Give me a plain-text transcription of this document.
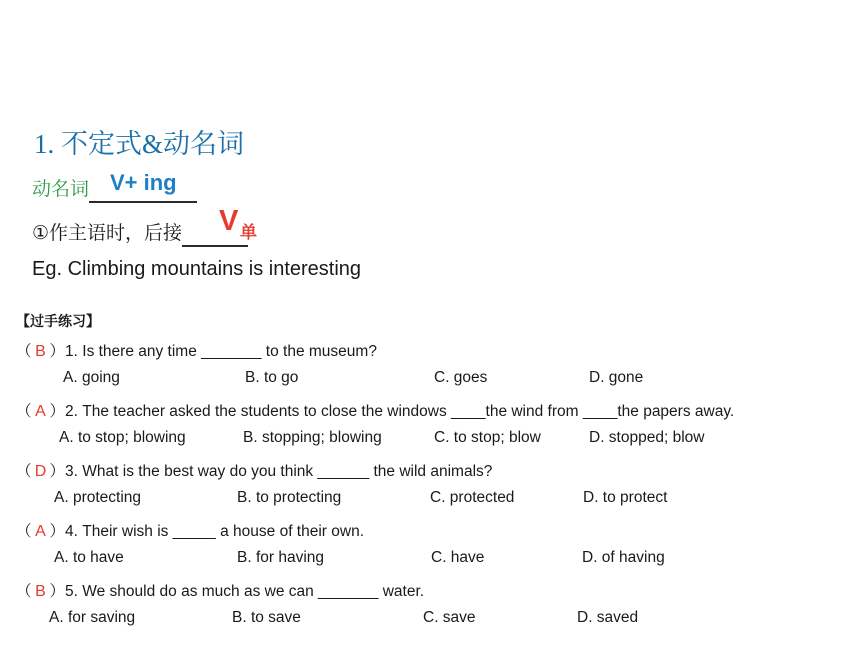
1. 不定式&动名词
动名词 V+ ing
①作主语时，后接	V 单
Eg. Climbing mountains is interesting
【过手练习】
（ B ）1. Is there any time _______ to the museum?
A. going	B. to go	C. goes	D. gone
（ A ）2. The teacher asked the students to close the windows ____the wind from ____the papers away.
A. to stop; blowing	B. stopping; blowing	C. to stop; blow	D. stopped; blow
（ D ）3. What is the best way do you think ______ the wild animals?
A. protecting	B. to protecting	C. protected	D. to protect
（ A ）4. Their wish is _____ a house of their own.
A. to have	B. for having	C. have	D. of having
（ B ）5. We should do as much as we can _______ water.
A. for saving	B. to save	C. save	D. saved
